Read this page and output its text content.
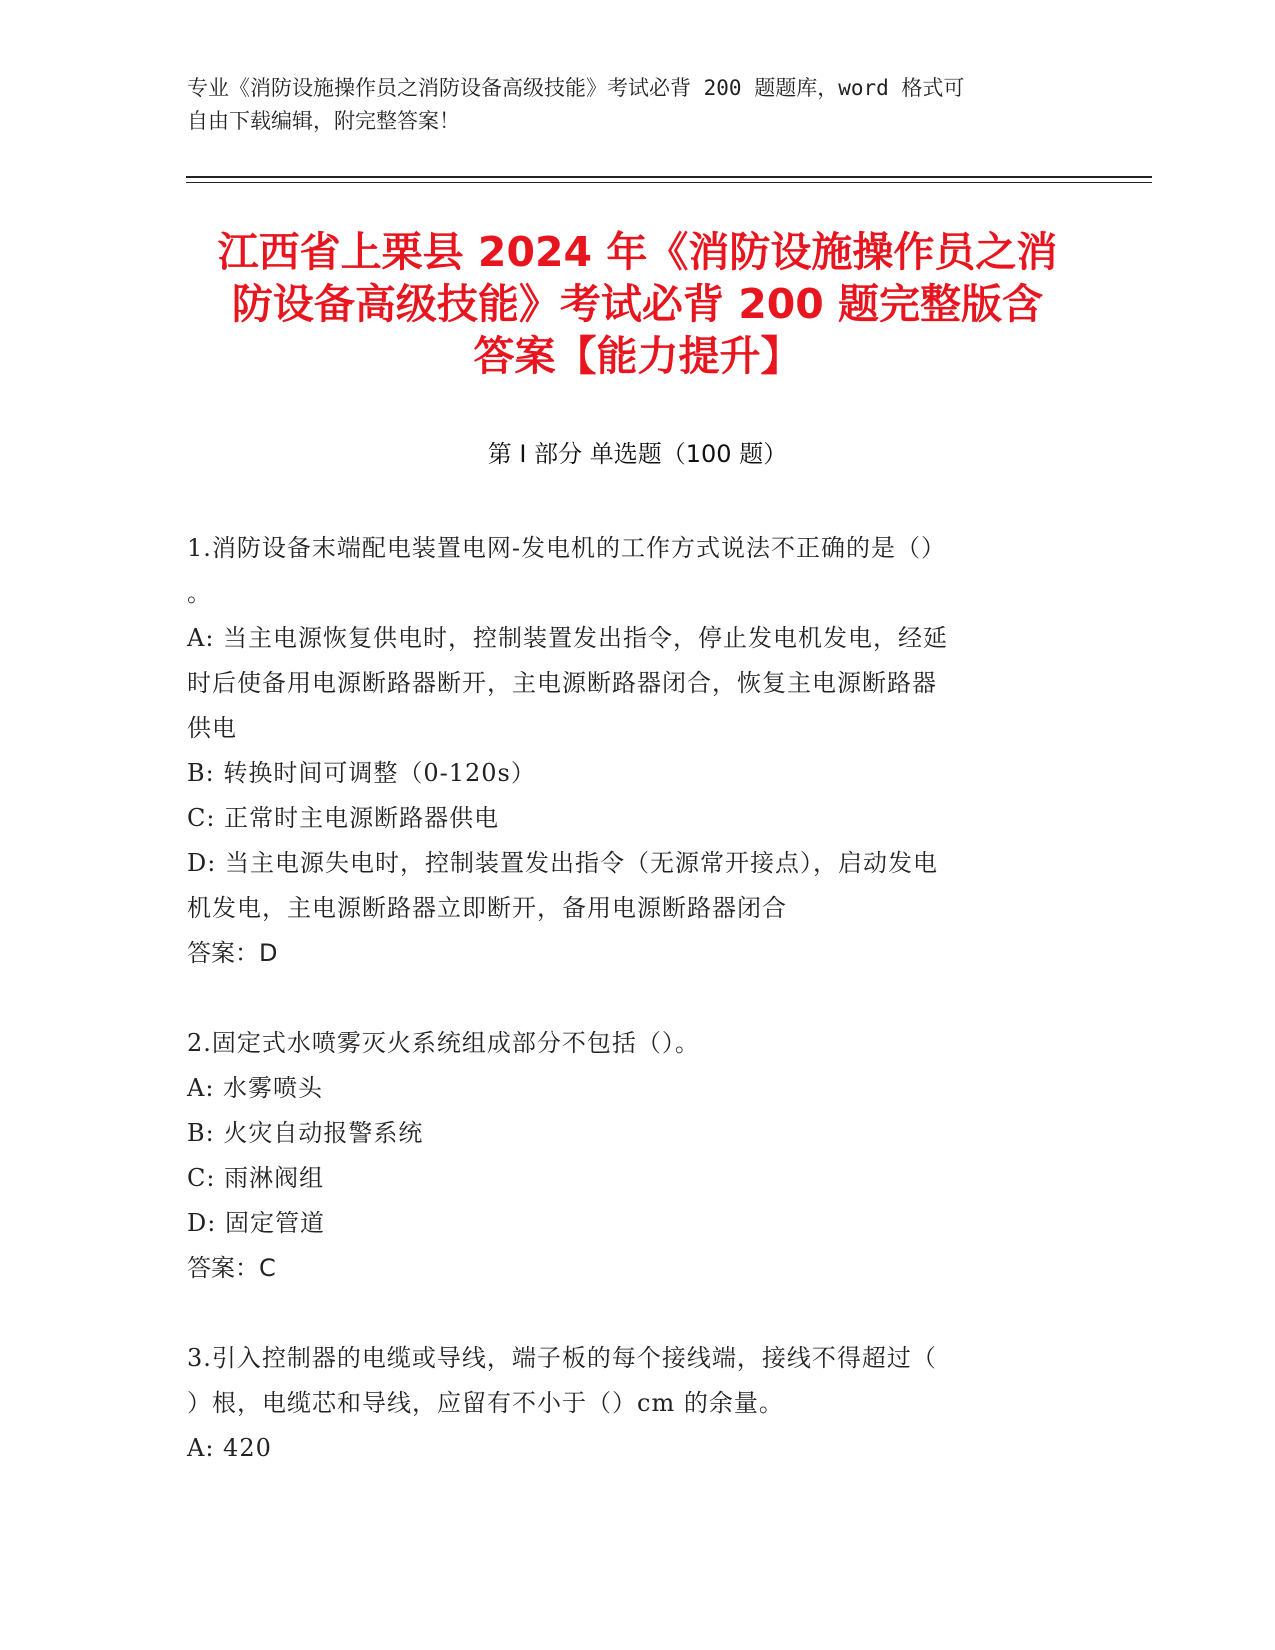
专业《消防设施操作员之消防设备高级技能》考试必背 200 题题库，word 格式可
自由下载编辑，附完整答案！
江西省上栗县 2024 年《消防设施操作员之消
防设备高级技能》考试必背 200 题完整版含
答案【能力提升】
第 I 部分 单选题（100 题）
1.消防设备末端配电装置电网-发电机的工作方式说法不正确的是（）
。
A: 当主电源恢复供电时，控制装置发出指令，停止发电机发电，经延
时后使备用电源断路器断开，主电源断路器闭合，恢复主电源断路器
供电
B: 转换时间可调整（0-120s）
C: 正常时主电源断路器供电
D: 当主电源失电时，控制装置发出指令（无源常开接点），启动发电
机发电，主电源断路器立即断开，备用电源断路器闭合
答案：D
2.固定式水喷雾灭火系统组成部分不包括（）。
A: 水雾喷头
B: 火灾自动报警系统
C: 雨淋阀组
D: 固定管道
答案：C
3.引入控制器的电缆或导线，端子板的每个接线端，接线不得超过（
）根，电缆芯和导线，应留有不小于（）cm 的余量。
A: 420
